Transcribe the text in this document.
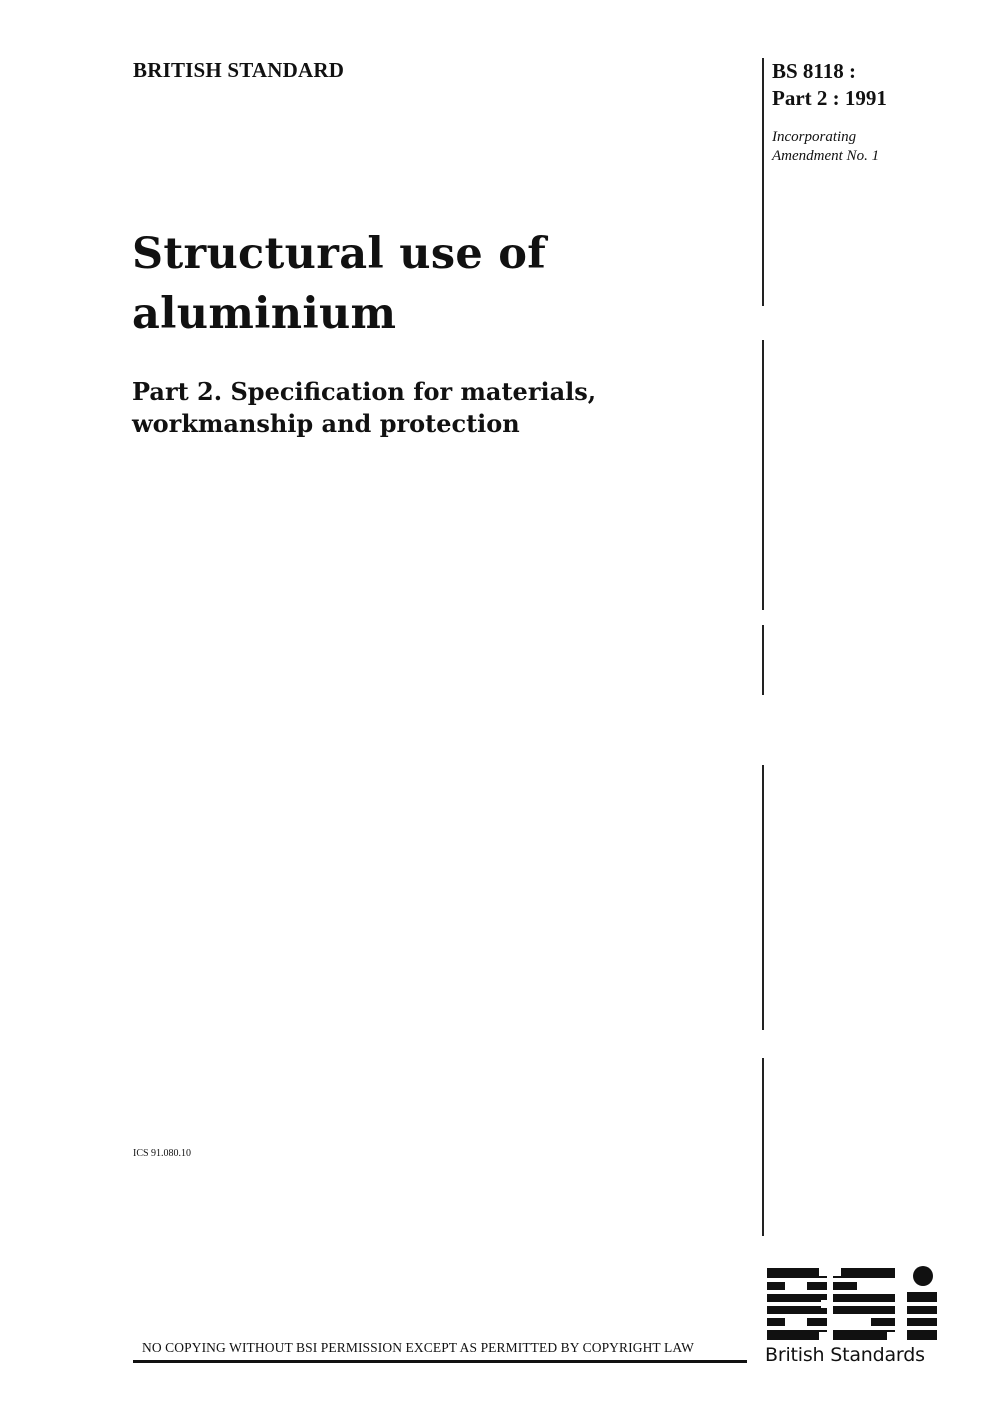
BRITISH STANDARD	BS 8118 :
Part 2 : 1991
Incorporating
Amendment No. 1
Structural use of
aluminium
Part 2. Specification for materials,
workmanship and protection
ICS 91.080.10
NO COPYING WITHOUT BSI PERMISSION EXCEPT AS PERMITTED BY COPYRIGHT LAW	British Standards
